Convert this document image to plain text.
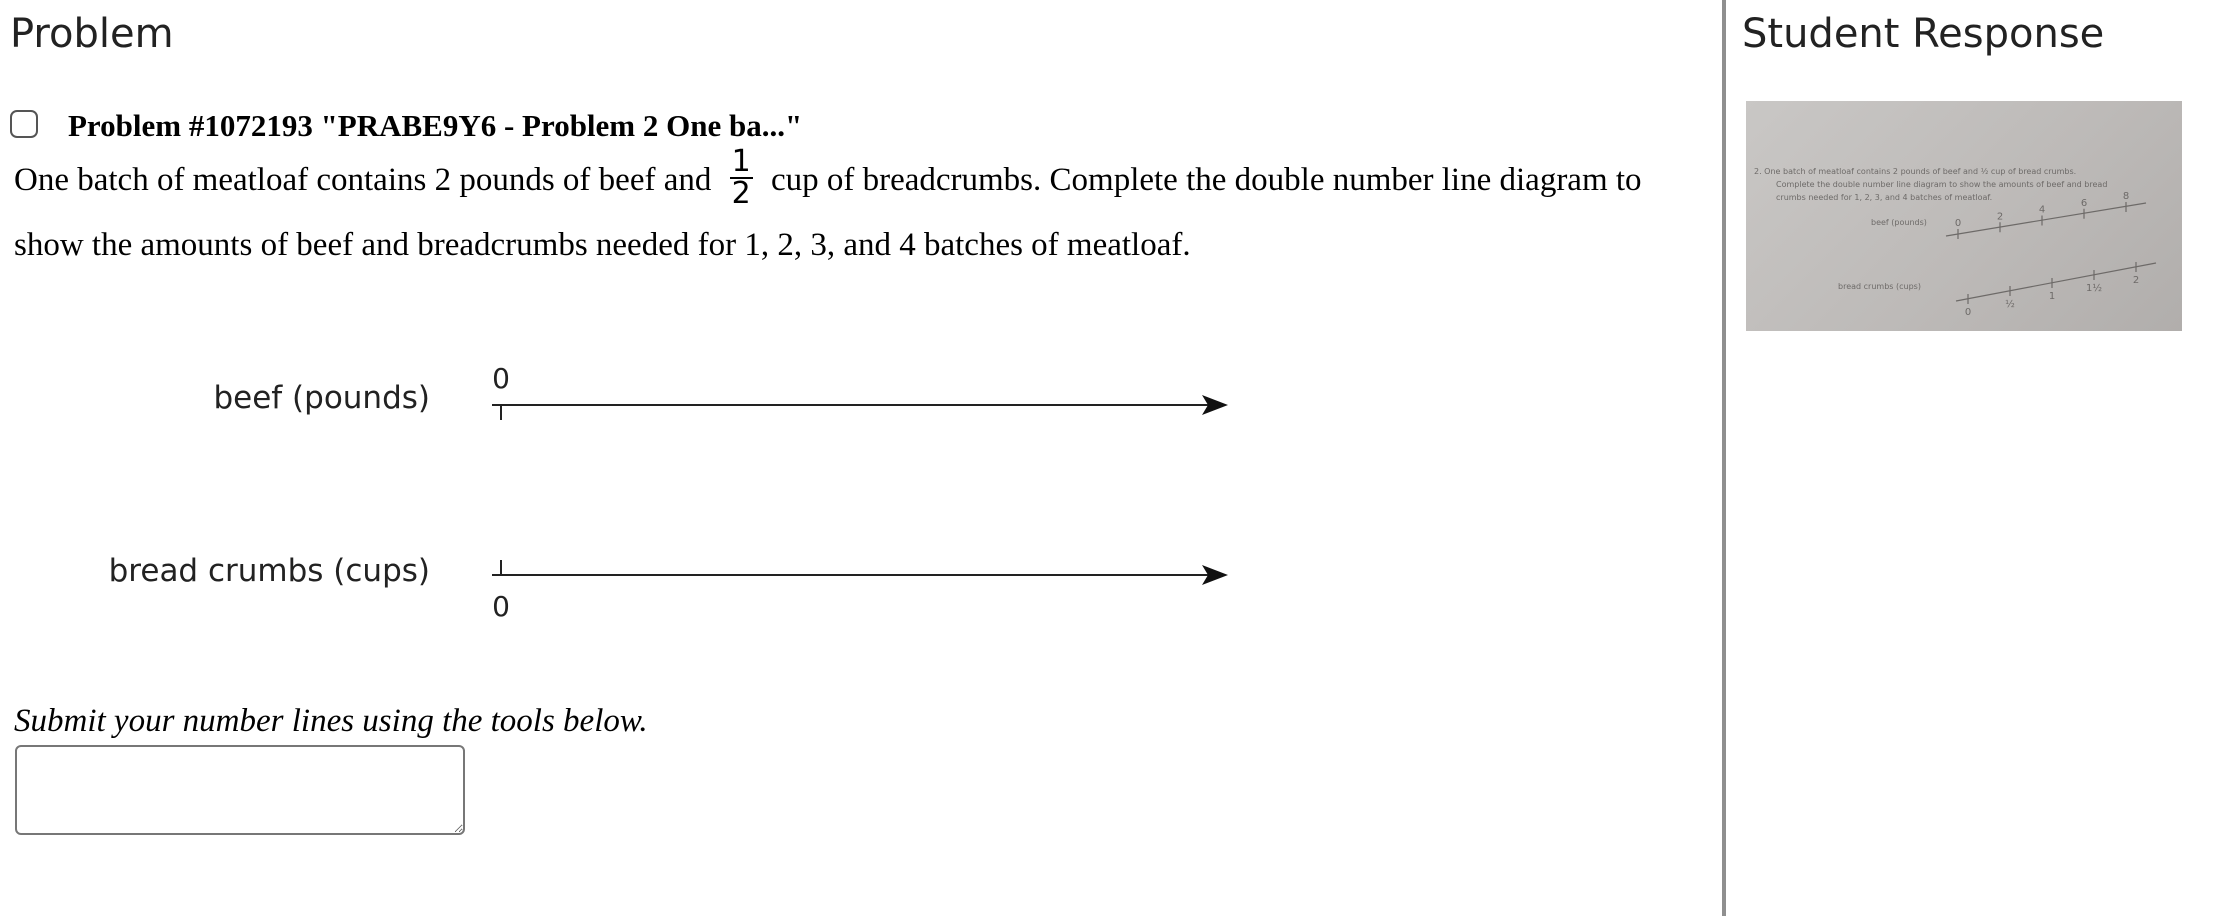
Problem	Student Response
Problem #1072193 "PRABE9Y6 - Problem 2 One ba..."
One batch of meatloaf contains 2 pounds of beef and $\frac{1}{2}$ cup of breadcrumbs. Complete the double number line diagram to show the amounts of beef and breadcrumbs needed for 1, 2, 3, and 4 batches of meatloaf.
beef (pounds)
0
bread crumbs (cups)
0
Submit your number lines using the tools below.
2. One batch of meatloaf contains 2 pounds of beef and ½ cup of bread crumbs.
Complete the double number line diagram to show the amounts of beef and bread
crumbs needed for 1, 2, 3, and 4 batches of meatloaf.
beef (pounds)
bread crumbs (cups)
0
2
4
6
8
0
½
1
1½
2
